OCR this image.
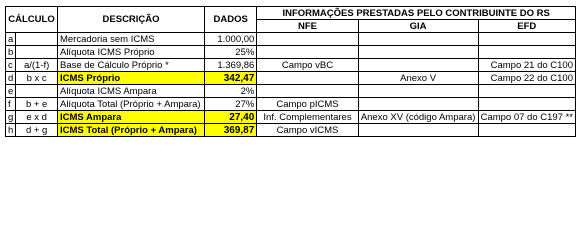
CÁLCULO		DESCRIÇÃO	DADOS	INFORMAÇÕES PRESTADAS PELO CONTRIBUINTE DO RS		
				NFE	GIA	EFD
a		Mercadoria sem ICMS	1.000,00			
b		Alíquota ICMS Próprio	25%			
c	a/(1-f)	Base de Cálculo Próprio *	1.369,86	Campo vBC		Campo 21 do C100
d	b x c	ICMS Próprio	342,47		Anexo V	Campo 22 do C100
e		Alíquota ICMS Ampara	2%			
f	b + e	Alíquota Total (Próprio + Ampara)	27%	Campo pICMS		
g	e x d	ICMS Ampara	27,40	Inf. Complementares	Anexo XV (código Ampara)	Campo 07 do C197 **
h	d + g	ICMS Total (Próprio + Ampara)	369,87	Campo vICMS		
